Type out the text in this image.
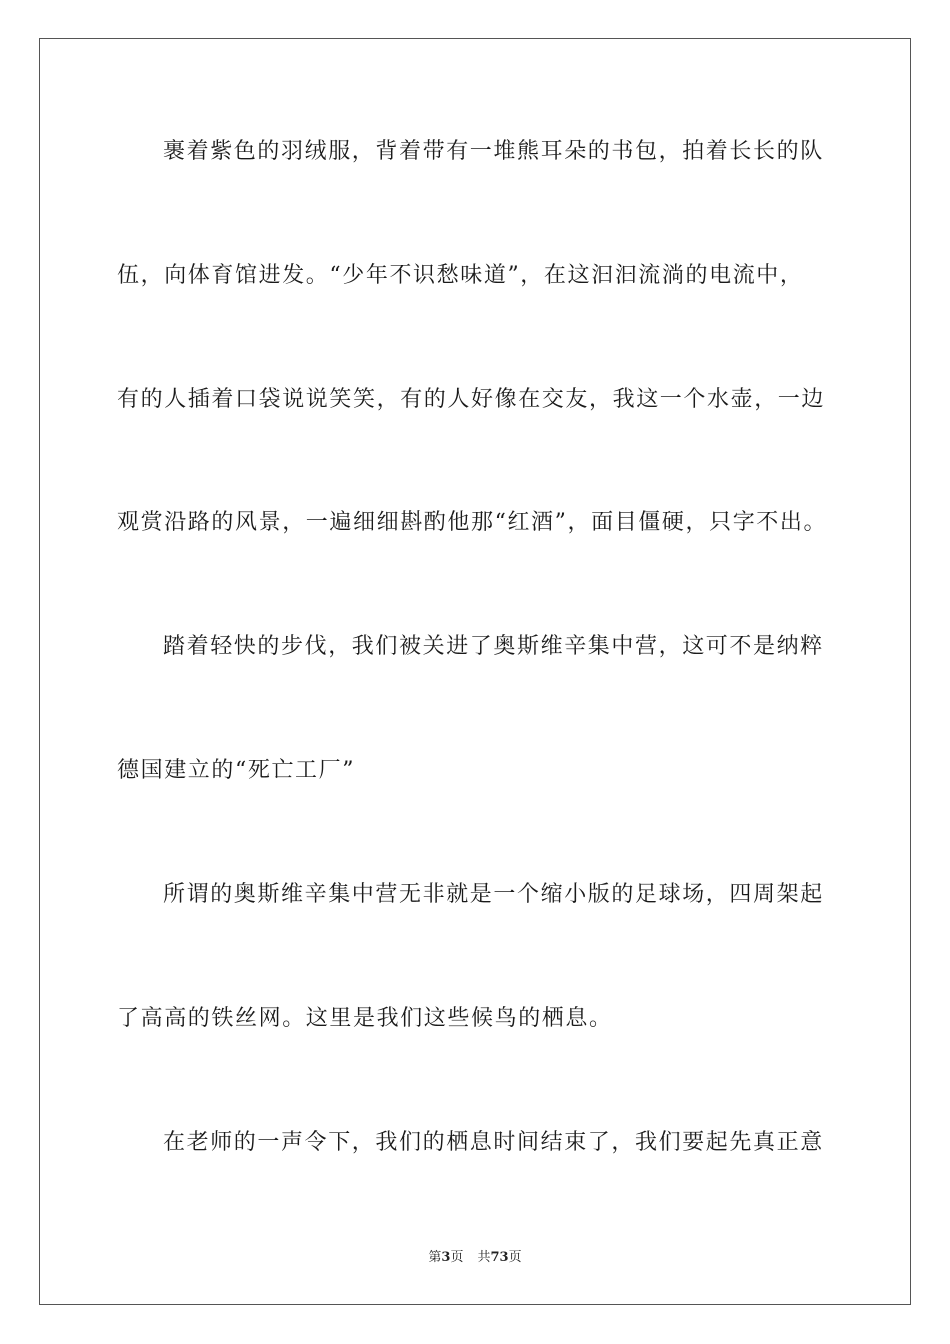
裹着紫色的羽绒服，背着带有一堆熊耳朵的书包，拍着长长的队
伍，向体育馆进发。“少年不识愁味道”，在这汩汩流淌的电流中，
有的人插着口袋说说笑笑，有的人好像在交友，我这一个水壶，一边
观赏沿路的风景，一遍细细斟酌他那“红酒”，面目僵硬，只字不出。
踏着轻快的步伐，我们被关进了奥斯维辛集中营，这可不是纳粹
德国建立的“死亡工厂”
所谓的奥斯维辛集中营无非就是一个缩小版的足球场，四周架起
了高高的铁丝网。这里是我们这些候鸟的栖息。
在老师的一声令下，我们的栖息时间结束了，我们要起先真正意
第3页 共73页
